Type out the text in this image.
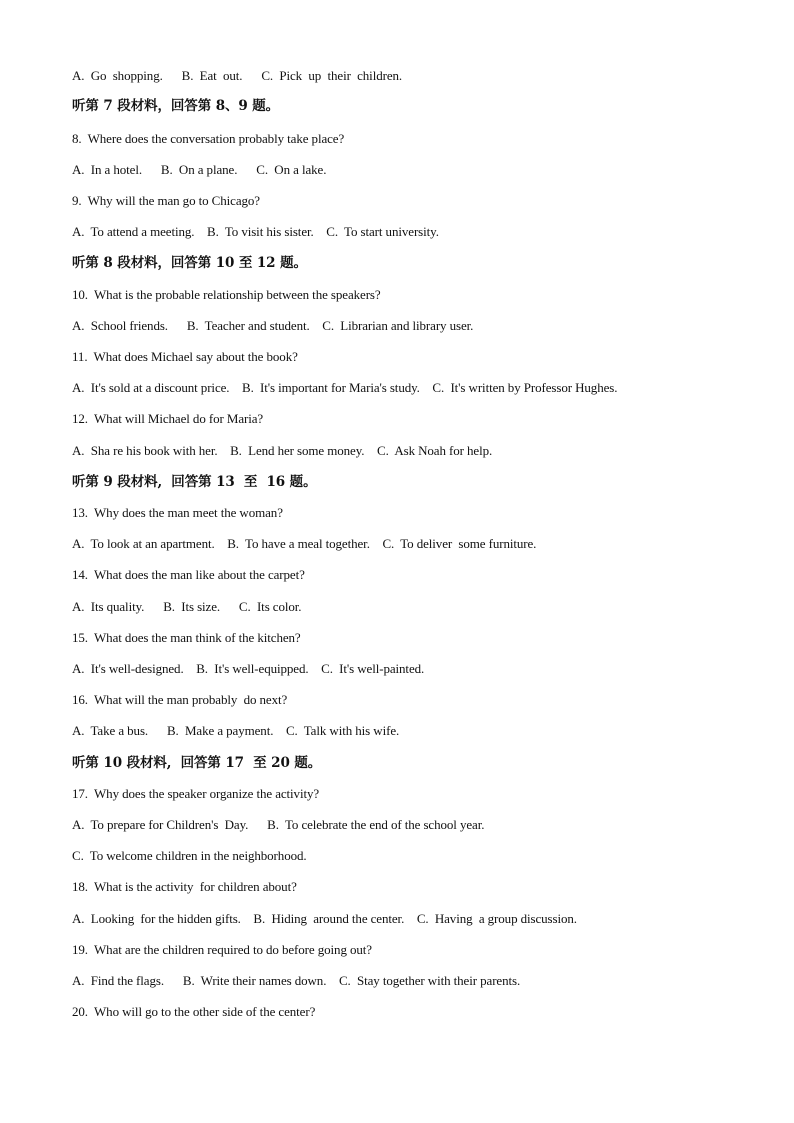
A.  Go  shopping.      B.  Eat  out.      C.  Pick  up  their  children.
听第 7 段材料，回答第 8、9 题。
8.  Where does the conversation probably take place?
A.  In a hotel.      B.  On a plane.      C.  On a lake.
9.  Why will the man go to Chicago?
A.  To attend a meeting.    B.  To visit his sister.    C.  To start university.
听第 8 段材料，回答第 10 至 12 题。
10.  What is the probable relationship between the speakers?
A.  School friends.      B.  Teacher and student.    C.  Librarian and library user.
11.  What does Michael say about the book?
A.  It's sold at a discount price.    B.  It's important for Maria's study.    C.  It's written by Professor Hughes.
12.  What will Michael do for Maria?
A.  Sha re his book with her.    B.  Lend her some money.    C.  Ask Noah for help.
听第 9 段材料,  回答第 13  至  16 题。
13.  Why does the man meet the woman?
A.  To look at an apartment.    B.  To have a meal together.    C.  To deliver  some furniture.
14.  What does the man like about the carpet?
A.  Its quality.      B.  Its size.      C.  Its color.
15.  What does the man think of the kitchen?
A.  It's well-designed.    B.  It's well-equipped.    C.  It's well-painted.
16.  What will the man probably  do next?
A.  Take a bus.      B.  Make a payment.    C.  Talk with his wife.
听第 10 段材料,  回答第 17  至 20 题。
17.  Why does the speaker organize the activity?
A.  To prepare for Children's  Day.      B.  To celebrate the end of the school year.
C.  To welcome children in the neighborhood.
18.  What is the activity  for children about?
A.  Looking  for the hidden gifts.    B.  Hiding  around the center.    C.  Having  a group discussion.
19.  What are the children required to do before going out?
A.  Find the flags.      B.  Write their names down.    C.  Stay together with their parents.
20.  Who will go to the other side of the center?
